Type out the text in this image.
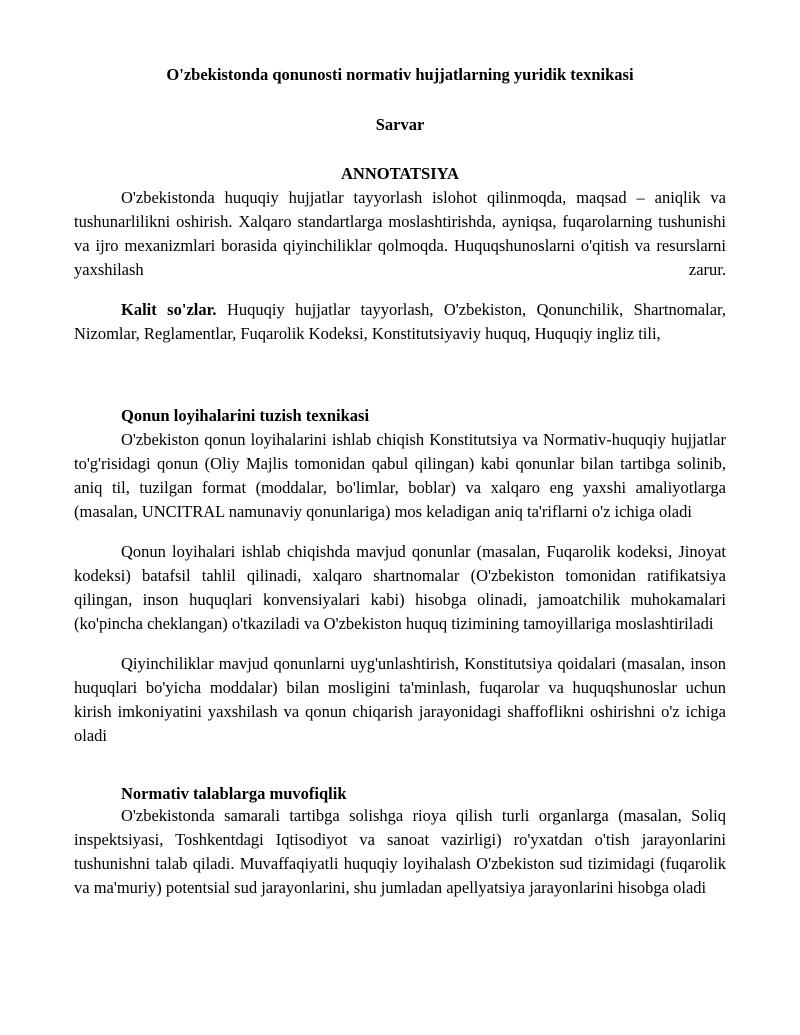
O'zbekistonda qonunosti normativ hujjatlarning yuridik texnikasi
Sarvar
ANNOTATSIYA

O'zbekistonda huquqiy hujjatlar tayyorlash islohot qilinmoqda, maqsad – aniqlik va tushunarlilikni oshirish. Xalqaro standartlarga moslashtirishda, ayniqsa, fuqarolarning tushunishi va ijro mexanizmlari borasida qiyinchiliklar qolmoqda. Huquqshunoslarni o'qitish va resurslarni yaxshilash zarur.

Kalit so'zlar. Huquqiy hujjatlar tayyorlash, O'zbekiston, Qonunchilik, Shartnomalar, Nizomlar, Reglamentlar, Fuqarolik Kodeksi, Konstitutsiyaviy huquq, Huquqiy ingliz tili,

Qonun loyihalarini tuzish texnikasi

O'zbekiston qonun loyihalarini ishlab chiqish Konstitutsiya va Normativ-huquqiy hujjatlar to'g'risidagi qonun (Oliy Majlis tomonidan qabul qilingan) kabi qonunlar bilan tartibga solinib, aniq til, tuzilgan format (moddalar, bo'limlar, boblar) va xalqaro eng yaxshi amaliyotlarga (masalan, UNCITRAL namunaviy qonunlariga) mos keladigan aniq ta'riflarni o'z ichiga oladi

Qonun loyihalari ishlab chiqishda mavjud qonunlar (masalan, Fuqarolik kodeksi, Jinoyat kodeksi) batafsil tahlil qilinadi, xalqaro shartnomalar (O'zbekiston tomonidan ratifikatsiya qilingan, inson huquqlari konvensiyalari kabi) hisobga olinadi, jamoatchilik muhokamalari (ko'pincha cheklangan) o'tkaziladi va O'zbekiston huquq tizimining tamoyillariga moslashtiriladi

Qiyinchiliklar mavjud qonunlarni uyg'unlashtirish, Konstitutsiya qoidalari (masalan, inson huquqlari bo'yicha moddalar) bilan mosligini ta'minlash, fuqarolar va huquqshunoslar uchun kirish imkoniyatini yaxshilash va qonun chiqarish jarayonidagi shaffoflikni oshirishni o'z ichiga oladi

Normativ talablarga muvofiqlik

O'zbekistonda samarali tartibga solishga rioya qilish turli organlarga (masalan, Soliq inspektsiyasi, Toshkentdagi Iqtisodiyot va sanoat vazirligi) ro'yxatdan o'tish jarayonlarini tushunishni talab qiladi. Muvaffaqiyatli huquqiy loyihalash O'zbekiston sud tizimidagi (fuqarolik va ma'muriy) potentsial sud jarayonlarini, shu jumladan apellyatsiya jarayonlarini hisobga oladi
